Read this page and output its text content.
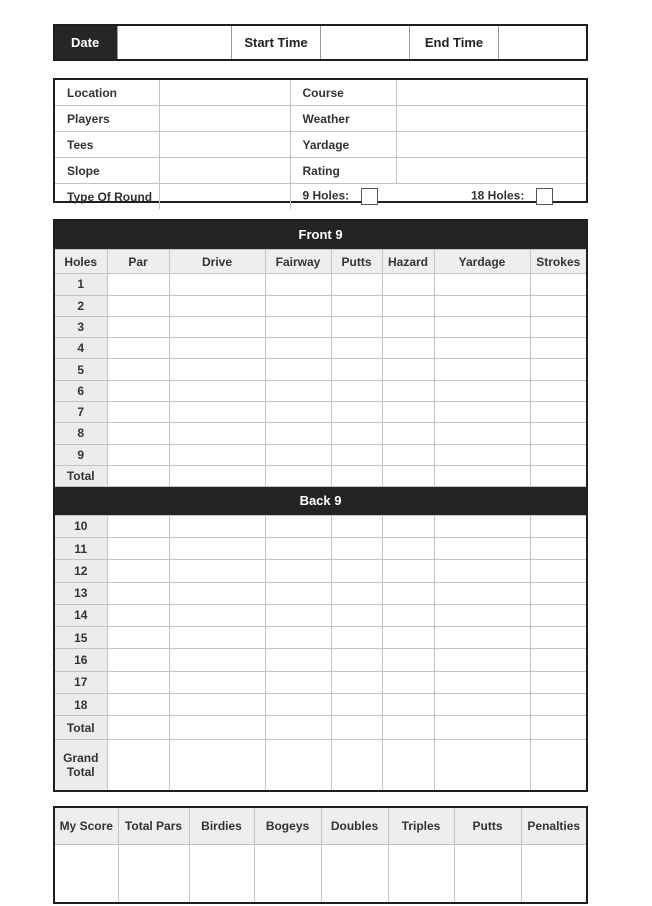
Date	Start Time	End Time
Location		Course		
Players		Weather		
Tees		Yardage		
Slope		Rating		
Type Of Round		9 Holes:		18 Holes:
Front 9							
Holes	Par	Drive	Fairway	Putts	Hazard	Yardage	Strokes
1							
2							
3							
4							
5							
6							
7							
8							
9							
Total							
Back 9							
10							
11							
12							
13							
14							
15							
16							
17							
18							
Total							

Grand
Total							

My Score	Total Pars	Birdies	Bogeys	Doubles	Triples	Putts	Penalties
